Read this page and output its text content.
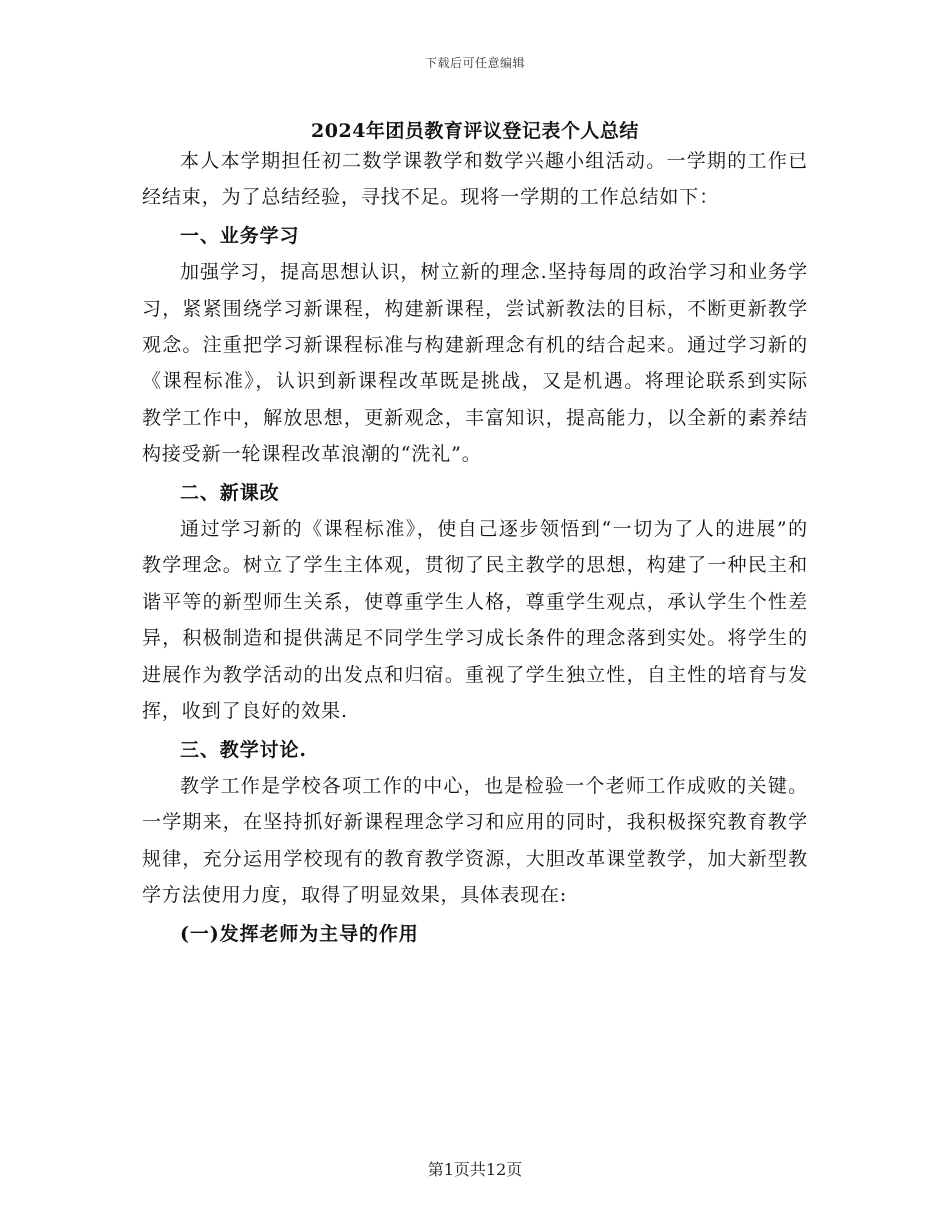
下载后可任意编辑
2024年团员教育评议登记表个人总结

本人本学期担任初二数学课教学和数学兴趣小组活动。一学期的工作已经结束，为了总结经验，寻找不足。现将一学期的工作总结如下：

一、业务学习

加强学习，提高思想认识，树立新的理念.坚持每周的政治学习和业务学习，紧紧围绕学习新课程，构建新课程，尝试新教法的目标，不断更新教学观念。注重把学习新课程标准与构建新理念有机的结合起来。通过学习新的《课程标准》，认识到新课程改革既是挑战，又是机遇。将理论联系到实际教学工作中，解放思想，更新观念，丰富知识，提高能力，以全新的素养结构接受新一轮课程改革浪潮的“洗礼”。

二、新课改

通过学习新的《课程标准》，使自己逐步领悟到“一切为了人的进展”的教学理念。树立了学生主体观，贯彻了民主教学的思想，构建了一种民主和谐平等的新型师生关系，使尊重学生人格，尊重学生观点，承认学生个性差异，积极制造和提供满足不同学生学习成长条件的理念落到实处。将学生的进展作为教学活动的出发点和归宿。重视了学生独立性，自主性的培育与发挥，收到了良好的效果.

三、教学讨论.

教学工作是学校各项工作的中心，也是检验一个老师工作成败的关键。一学期来，在坚持抓好新课程理念学习和应用的同时，我积极探究教育教学规律，充分运用学校现有的教育教学资源，大胆改革课堂教学，加大新型教学方法使用力度，取得了明显效果，具体表现在:

(一)发挥老师为主导的作用
第1页共12页
